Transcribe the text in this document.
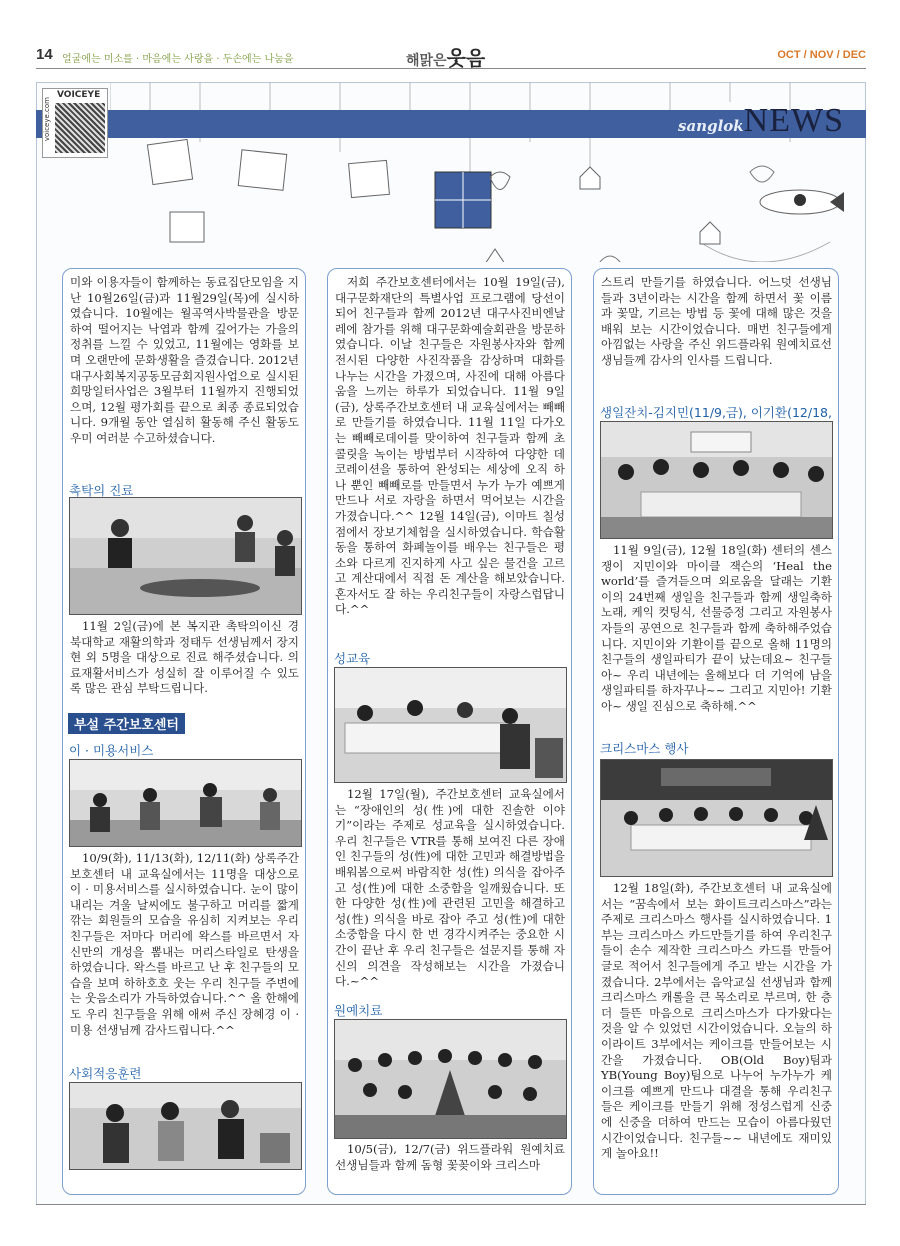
14 얼굴에는 미소를 · 마음에는 사랑을 · 두손에는 나눔을	해맑은웃음	OCT / NOV / DEC
sanglokNEWS
VOICEYE
voiceye.com

미와 이용자들이 함께하는 동료집단모임을 지난 10월26일(금)과 11월29일(목)에 실시하였습니다. 10월에는 월곡역사박물관을 방문하여 떨어지는 낙엽과 함께 깊어가는 가을의 정취를 느낄 수 있었고, 11월에는 영화를 보며 오랜만에 문화생활을 즐겼습니다. 2012년 대구사회복지공동모금회지원사업으로 실시된 희망일터사업은 3월부터 11월까지 진행되었으며, 12월 평가회를 끝으로 최종 종료되었습니다. 9개월 동안 열심히 활동해 주신 활동도우미 여러분 수고하셨습니다.

촉탁의 진료

11월 2일(금)에 본 복지관 촉탁의이신 경북대학교 재활의학과 정태두 선생님께서 장지현 외 5명을 대상으로 진료 해주셨습니다. 의료재활서비스가 성실히 잘 이루어질 수 있도록 많은 관심 부탁드립니다.

부설 주간보호센터
이 · 미용서비스

10/9(화), 11/13(화), 12/11(화) 상록주간보호센터 내 교육실에서는 11명을 대상으로 이 · 미용서비스를 실시하였습니다. 눈이 많이 내리는 겨울 날씨에도 불구하고 머리를 짧게 깎는 회원들의 모습을 유심히 지켜보는 우리 친구들은 저마다 머리에 왁스를 바르면서 자신만의 개성을 뽐내는 머리스타일로 탄생을 하였습니다. 왁스를 바르고 난 후 친구들의 모습을 보며 하하호호 웃는 우리 친구들 주변에는 웃음소리가 가득하였습니다.^^ 올 한해에도 우리 친구들을 위해 애써 주신 장혜경 이 · 미용 선생님께 감사드립니다.^^

사회적응훈련

저희 주간보호센터에서는 10월 19일(금), 대구문화재단의 특별사업 프로그램에 당선이 되어 친구들과 함께 2012년 대구사진비엔날레에 참가를 위해 대구문화예술회관을 방문하였습니다. 이날 친구들은 자원봉사자와 함께 전시된 다양한 사진작품을 감상하며 대화를 나누는 시간을 가졌으며, 사진에 대해 아름다움을 느끼는 하루가 되었습니다. 11월 9일(금), 상록주간보호센터 내 교육실에서는 빼빼로 만들기를 하였습니다. 11월 11일 다가오는 빼빼로데이를 맞이하여 친구들과 함께 초콜릿을 녹이는 방법부터 시작하여 다양한 데코레이션을 통하여 완성되는 세상에 오직 하나 뿐인 빼빼로를 만들면서 누가 누가 예쁘게 만드나 서로 자랑을 하면서 먹어보는 시간을 가졌습니다.^^ 12월 14일(금), 이마트 칠성점에서 장보기체험을 실시하였습니다. 학습활동을 통하여 화폐놀이를 배우는 친구들은 평소와 다르게 진지하게 사고 싶은 물건을 고르고 계산대에서 직접 돈 계산을 해보았습니다. 혼자서도 잘 하는 우리친구들이 자랑스럽답니다.^^

성교육

12월 17일(월), 주간보호센터 교육실에서는 “장애인의 성(性)에 대한 진솔한 이야기”이라는 주제로 성교육을 실시하였습니다. 우리 친구들은 VTR를 통해 보여진 다른 장애인 친구들의 성(性)에 대한 고민과 해결방법을 배워봄으로써 바람직한 성(性) 의식을 잡아주고 성(性)에 대한 소중함을 일깨웠습니다. 또한 다양한 성(性)에 관련된 고민을 해결하고 성(性) 의식을 바로 잡아 주고 성(性)에 대한 소중함을 다시 한 번 경각시켜주는 중요한 시간이 끝난 후 우리 친구들은 설문지를 통해 자신의 의견을 작성해보는 시간을 가졌습니다.~^^

원예치료

10/5(금), 12/7(금) 위드플라워 원예치료 선생님들과 함께 돔형 꽃꽂이와 크리스마

스트리 만들기를 하였습니다. 어느덧 선생님들과 3년이라는 시간을 함께 하면서 꽃 이름과 꽃말, 기르는 방법 등 꽃에 대해 많은 것을 배워 보는 시간이었습니다. 매번 친구들에게 아낌없는 사랑을 주신 위드플라워 원예치료선생님들께 감사의 인사를 드립니다.

생일잔치-김지민(11/9,금), 이기환(12/18,

11월 9일(금), 12월 18일(화) 센터의 센스쟁이 지민이와 마이클 잭슨의 ‘Heal the world’를 즐겨듣으며 외로움을 달래는 기환이의 24번째 생일을 친구들과 함께 생일축하 노래, 케익 컷팅식, 선물증정 그리고 자원봉사자들의 공연으로 친구들과 함께 축하해주었습니다. 지민이와 기환이를 끝으로 올해 11명의 친구들의 생일파티가 끝이 났는데요~ 친구들아~ 우리 내년에는 올해보다 더 기억에 남을 생일파티를 하자꾸나~~ 그리고 지민아! 기환아~ 생일 진심으로 축하해.^^

크리스마스 행사

12월 18일(화), 주간보호센터 내 교육실에서는 “꿈속에서 보는 화이트크리스마스”라는 주제로 크리스마스 행사를 실시하였습니다. 1부는 크리스마스 카드만들기를 하여 우리친구들이 손수 제작한 크리스마스 카드를 만들어 글로 적어서 친구들에게 주고 받는 시간을 가졌습니다. 2부에서는 음악교실 선생님과 함께 크리스마스 캐롤을 큰 목소리로 부르며, 한 층 더 들뜬 마음으로 크리스마스가 다가왔다는 것을 알 수 있었던 시간이었습니다. 오늘의 하이라이트 3부에서는 케이크를 만들어보는 시간을 가졌습니다. OB(Old Boy)팀과 YB(Young Boy)팀으로 나누어 누가누가 케이크를 예쁘게 만드나 대결을 통해 우리친구들은 케이크를 만들기 위해 정성스럽게 신중에 신중을 더하여 만드는 모습이 아름다웠던 시간이었습니다. 친구들~~ 내년에도 재미있게 놀아요!!
